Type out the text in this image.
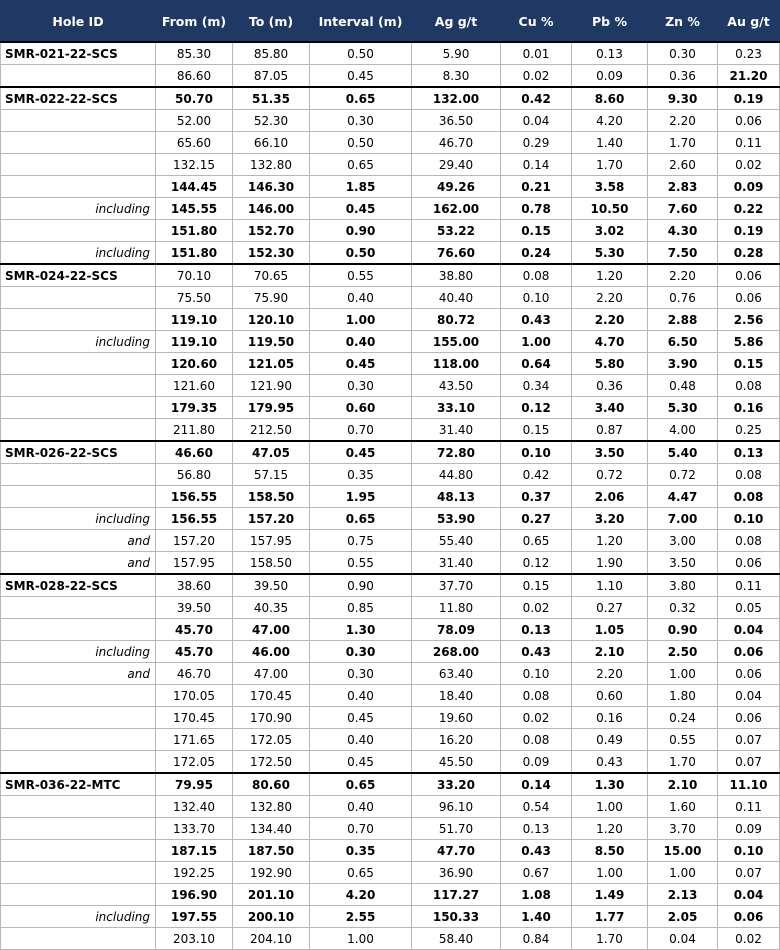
Hole ID	From (m)	To (m)	Interval (m)	Ag g/t	Cu %	Pb %	Zn %	Au g/t
SMR-021-22-SCS	85.30	85.80	0.50	5.90	0.01	0.13	0.30	0.23
	86.60	87.05	0.45	8.30	0.02	0.09	0.36	21.20
SMR-022-22-SCS	50.70	51.35	0.65	132.00	0.42	8.60	9.30	0.19
	52.00	52.30	0.30	36.50	0.04	4.20	2.20	0.06
	65.60	66.10	0.50	46.70	0.29	1.40	1.70	0.11
	132.15	132.80	0.65	29.40	0.14	1.70	2.60	0.02
	144.45	146.30	1.85	49.26	0.21	3.58	2.83	0.09
including	145.55	146.00	0.45	162.00	0.78	10.50	7.60	0.22
	151.80	152.70	0.90	53.22	0.15	3.02	4.30	0.19
including	151.80	152.30	0.50	76.60	0.24	5.30	7.50	0.28
SMR-024-22-SCS	70.10	70.65	0.55	38.80	0.08	1.20	2.20	0.06
	75.50	75.90	0.40	40.40	0.10	2.20	0.76	0.06
	119.10	120.10	1.00	80.72	0.43	2.20	2.88	2.56
including	119.10	119.50	0.40	155.00	1.00	4.70	6.50	5.86
	120.60	121.05	0.45	118.00	0.64	5.80	3.90	0.15
	121.60	121.90	0.30	43.50	0.34	0.36	0.48	0.08
	179.35	179.95	0.60	33.10	0.12	3.40	5.30	0.16
	211.80	212.50	0.70	31.40	0.15	0.87	4.00	0.25
SMR-026-22-SCS	46.60	47.05	0.45	72.80	0.10	3.50	5.40	0.13
	56.80	57.15	0.35	44.80	0.42	0.72	0.72	0.08
	156.55	158.50	1.95	48.13	0.37	2.06	4.47	0.08
including	156.55	157.20	0.65	53.90	0.27	3.20	7.00	0.10
and	157.20	157.95	0.75	55.40	0.65	1.20	3.00	0.08
and	157.95	158.50	0.55	31.40	0.12	1.90	3.50	0.06
SMR-028-22-SCS	38.60	39.50	0.90	37.70	0.15	1.10	3.80	0.11
	39.50	40.35	0.85	11.80	0.02	0.27	0.32	0.05
	45.70	47.00	1.30	78.09	0.13	1.05	0.90	0.04
including	45.70	46.00	0.30	268.00	0.43	2.10	2.50	0.06
and	46.70	47.00	0.30	63.40	0.10	2.20	1.00	0.06
	170.05	170.45	0.40	18.40	0.08	0.60	1.80	0.04
	170.45	170.90	0.45	19.60	0.02	0.16	0.24	0.06
	171.65	172.05	0.40	16.20	0.08	0.49	0.55	0.07
	172.05	172.50	0.45	45.50	0.09	0.43	1.70	0.07
SMR-036-22-MTC	79.95	80.60	0.65	33.20	0.14	1.30	2.10	11.10
	132.40	132.80	0.40	96.10	0.54	1.00	1.60	0.11
	133.70	134.40	0.70	51.70	0.13	1.20	3.70	0.09
	187.15	187.50	0.35	47.70	0.43	8.50	15.00	0.10
	192.25	192.90	0.65	36.90	0.67	1.00	1.00	0.07
	196.90	201.10	4.20	117.27	1.08	1.49	2.13	0.04
including	197.55	200.10	2.55	150.33	1.40	1.77	2.05	0.06
	203.10	204.10	1.00	58.40	0.84	1.70	0.04	0.02
